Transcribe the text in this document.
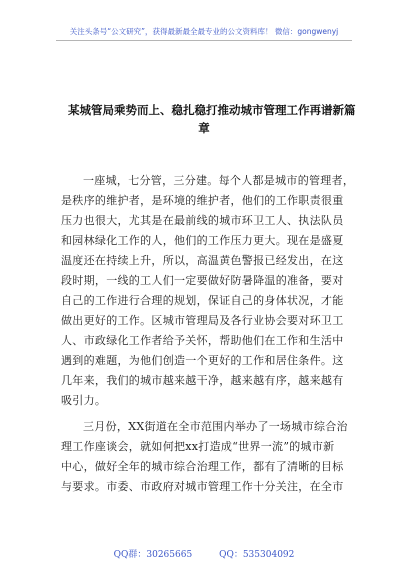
关注头条号“公文研究”，获得最新最全最专业的公文资料库！ 微信：gongwenyj
某城管局乘势而上、稳扎稳打推动城市管理工作再谱新篇
章
一座城，七分管，三分建。每个人都是城市的管理者，
是秩序的维护者，是环境的维护者，他们的工作职责很重
压力也很大，尤其是在最前线的城市环卫工人、执法队员
和园林绿化工作的人，他们的工作压力更大。现在是盛夏
温度还在持续上升，所以，高温黄色警报已经发出，在这
段时期，一线的工人们一定要做好防暑降温的准备，要对
自己的工作进行合理的规划，保证自己的身体状况，才能
做出更好的工作。区城市管理局及各行业协会要对环卫工
人、市政绿化工作者给予关怀，帮助他们在工作和生活中
遇到的难题，为他们创造一个更好的工作和居住条件。这
几年来，我们的城市越来越干净，越来越有序，越来越有
吸引力。
三月份，XX街道在全市范围内举办了一场城市综合治
理工作座谈会，就如何把xx打造成“世界一流”的城市新
中心，做好全年的城市综合治理工作，都有了清晰的目标
与要求。市委、市政府对城市管理工作十分关注，在全市
QQ群：30265665	QQ：535304092
